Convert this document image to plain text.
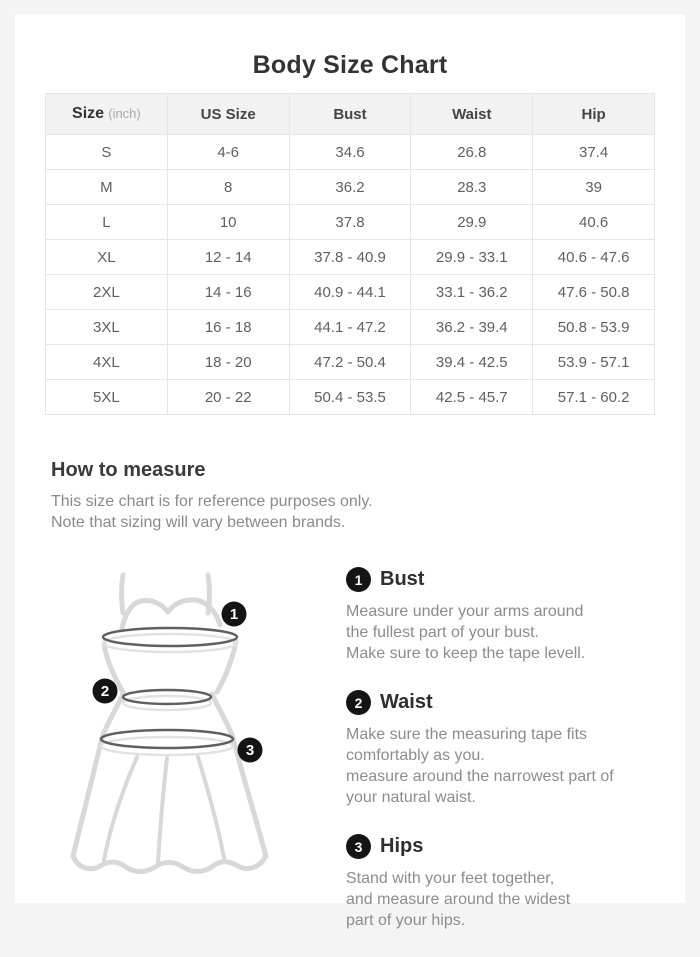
Body Size Chart
Size (inch)	US Size	Bust	Waist	Hip
S	4-6	34.6	26.8	37.4
M	8	36.2	28.3	39
L	10	37.8	29.9	40.6
XL	12 - 14	37.8 - 40.9	29.9 - 33.1	40.6 - 47.6
2XL	14 - 16	40.9 - 44.1	33.1 - 36.2	47.6 - 50.8
3XL	16 - 18	44.1 - 47.2	36.2 - 39.4	50.8 - 53.9
4XL	18 - 20	47.2 - 50.4	39.4 - 42.5	53.9 - 57.1
5XL	20 - 22	50.4 - 53.5	42.5 - 45.7	57.1 - 60.2
How to measure
This size chart is for reference purposes only.
Note that sizing will vary between brands.
1
2
3
1 Bust
Measure under your arms around
the fullest part of your bust.
Make sure to keep the tape levell.
2 Waist
Make sure the measuring tape fits
comfortably as you.
measure around the narrowest part of
your natural waist.
3 Hips
Stand with your feet together,
and measure around the widest
part of your hips.
